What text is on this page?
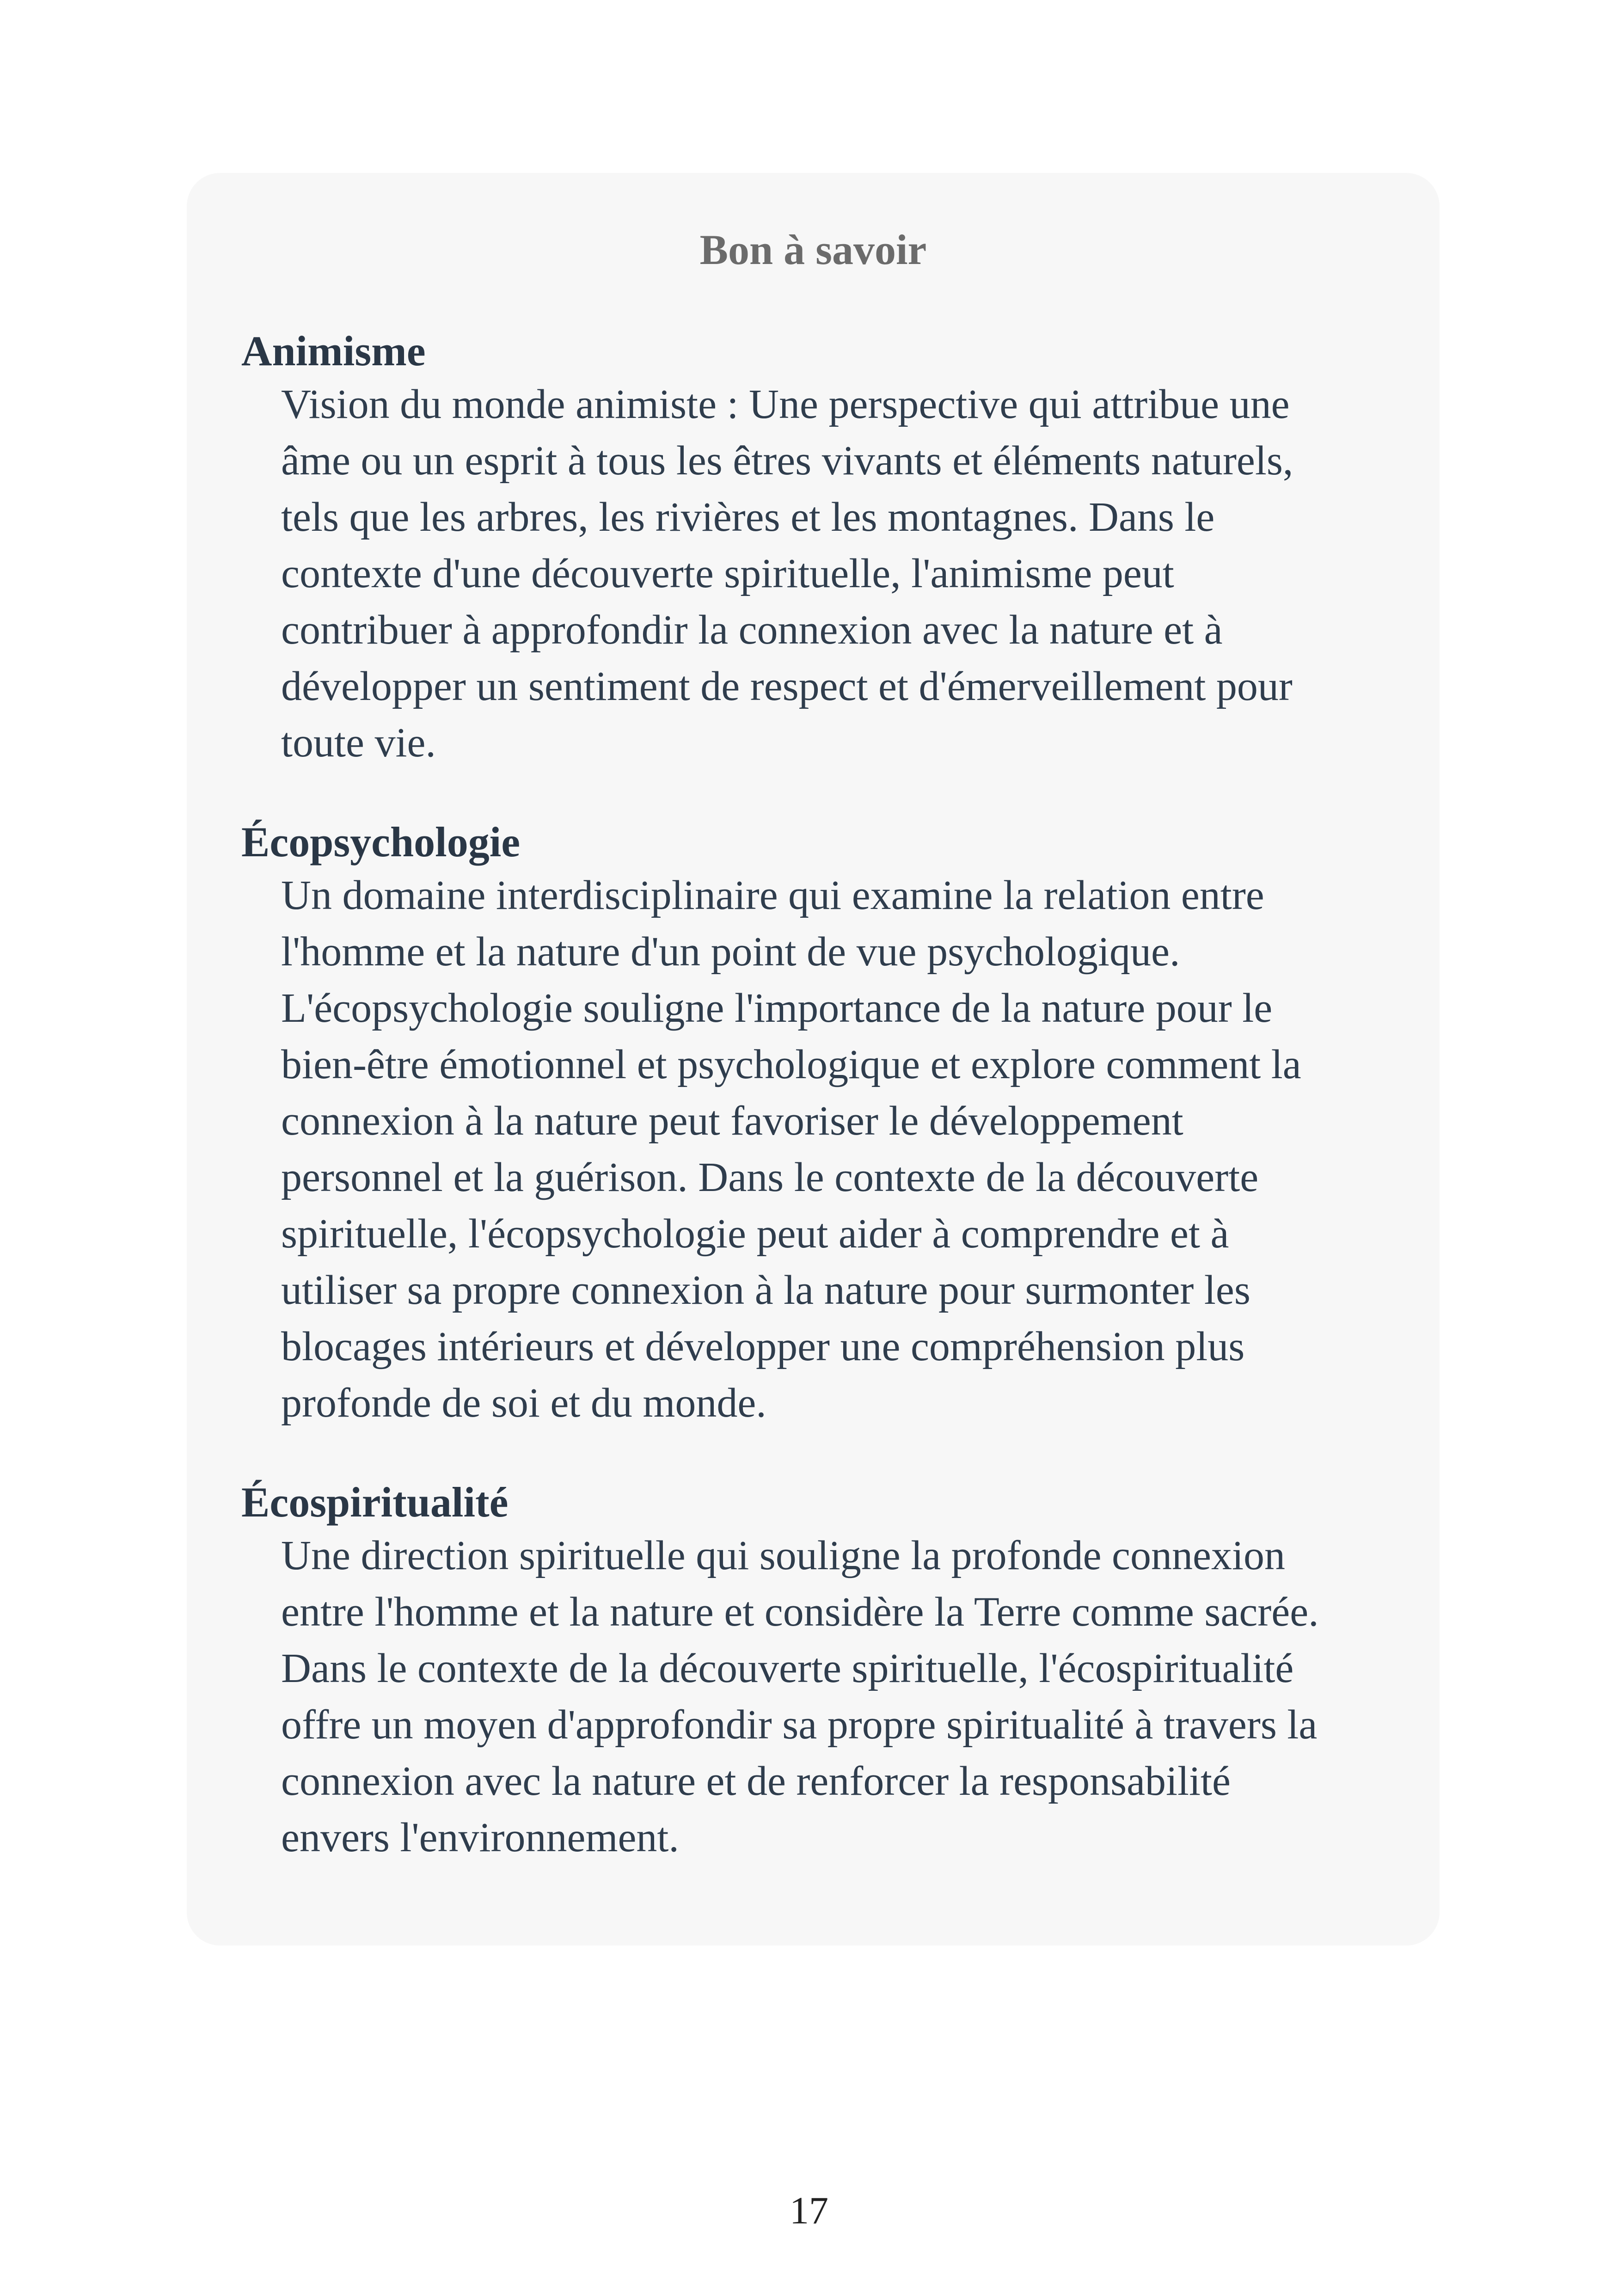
Bon à savoir

Animisme

Vision du monde animiste : Une perspective qui attribue une
âme ou un esprit à tous les êtres vivants et éléments naturels,
tels que les arbres, les rivières et les montagnes. Dans le
contexte d'une découverte spirituelle, l'animisme peut
contribuer à approfondir la connexion avec la nature et à
développer un sentiment de respect et d'émerveillement pour
toute vie.

Écopsychologie

Un domaine interdisciplinaire qui examine la relation entre
l'homme et la nature d'un point de vue psychologique.
L'écopsychologie souligne l'importance de la nature pour le
bien-être émotionnel et psychologique et explore comment la
connexion à la nature peut favoriser le développement
personnel et la guérison. Dans le contexte de la découverte
spirituelle, l'écopsychologie peut aider à comprendre et à
utiliser sa propre connexion à la nature pour surmonter les
blocages intérieurs et développer une compréhension plus
profonde de soi et du monde.

Écospiritualité

Une direction spirituelle qui souligne la profonde connexion
entre l'homme et la nature et considère la Terre comme sacrée.
Dans le contexte de la découverte spirituelle, l'écospiritualité
offre un moyen d'approfondir sa propre spiritualité à travers la
connexion avec la nature et de renforcer la responsabilité
envers l'environnement.
17
